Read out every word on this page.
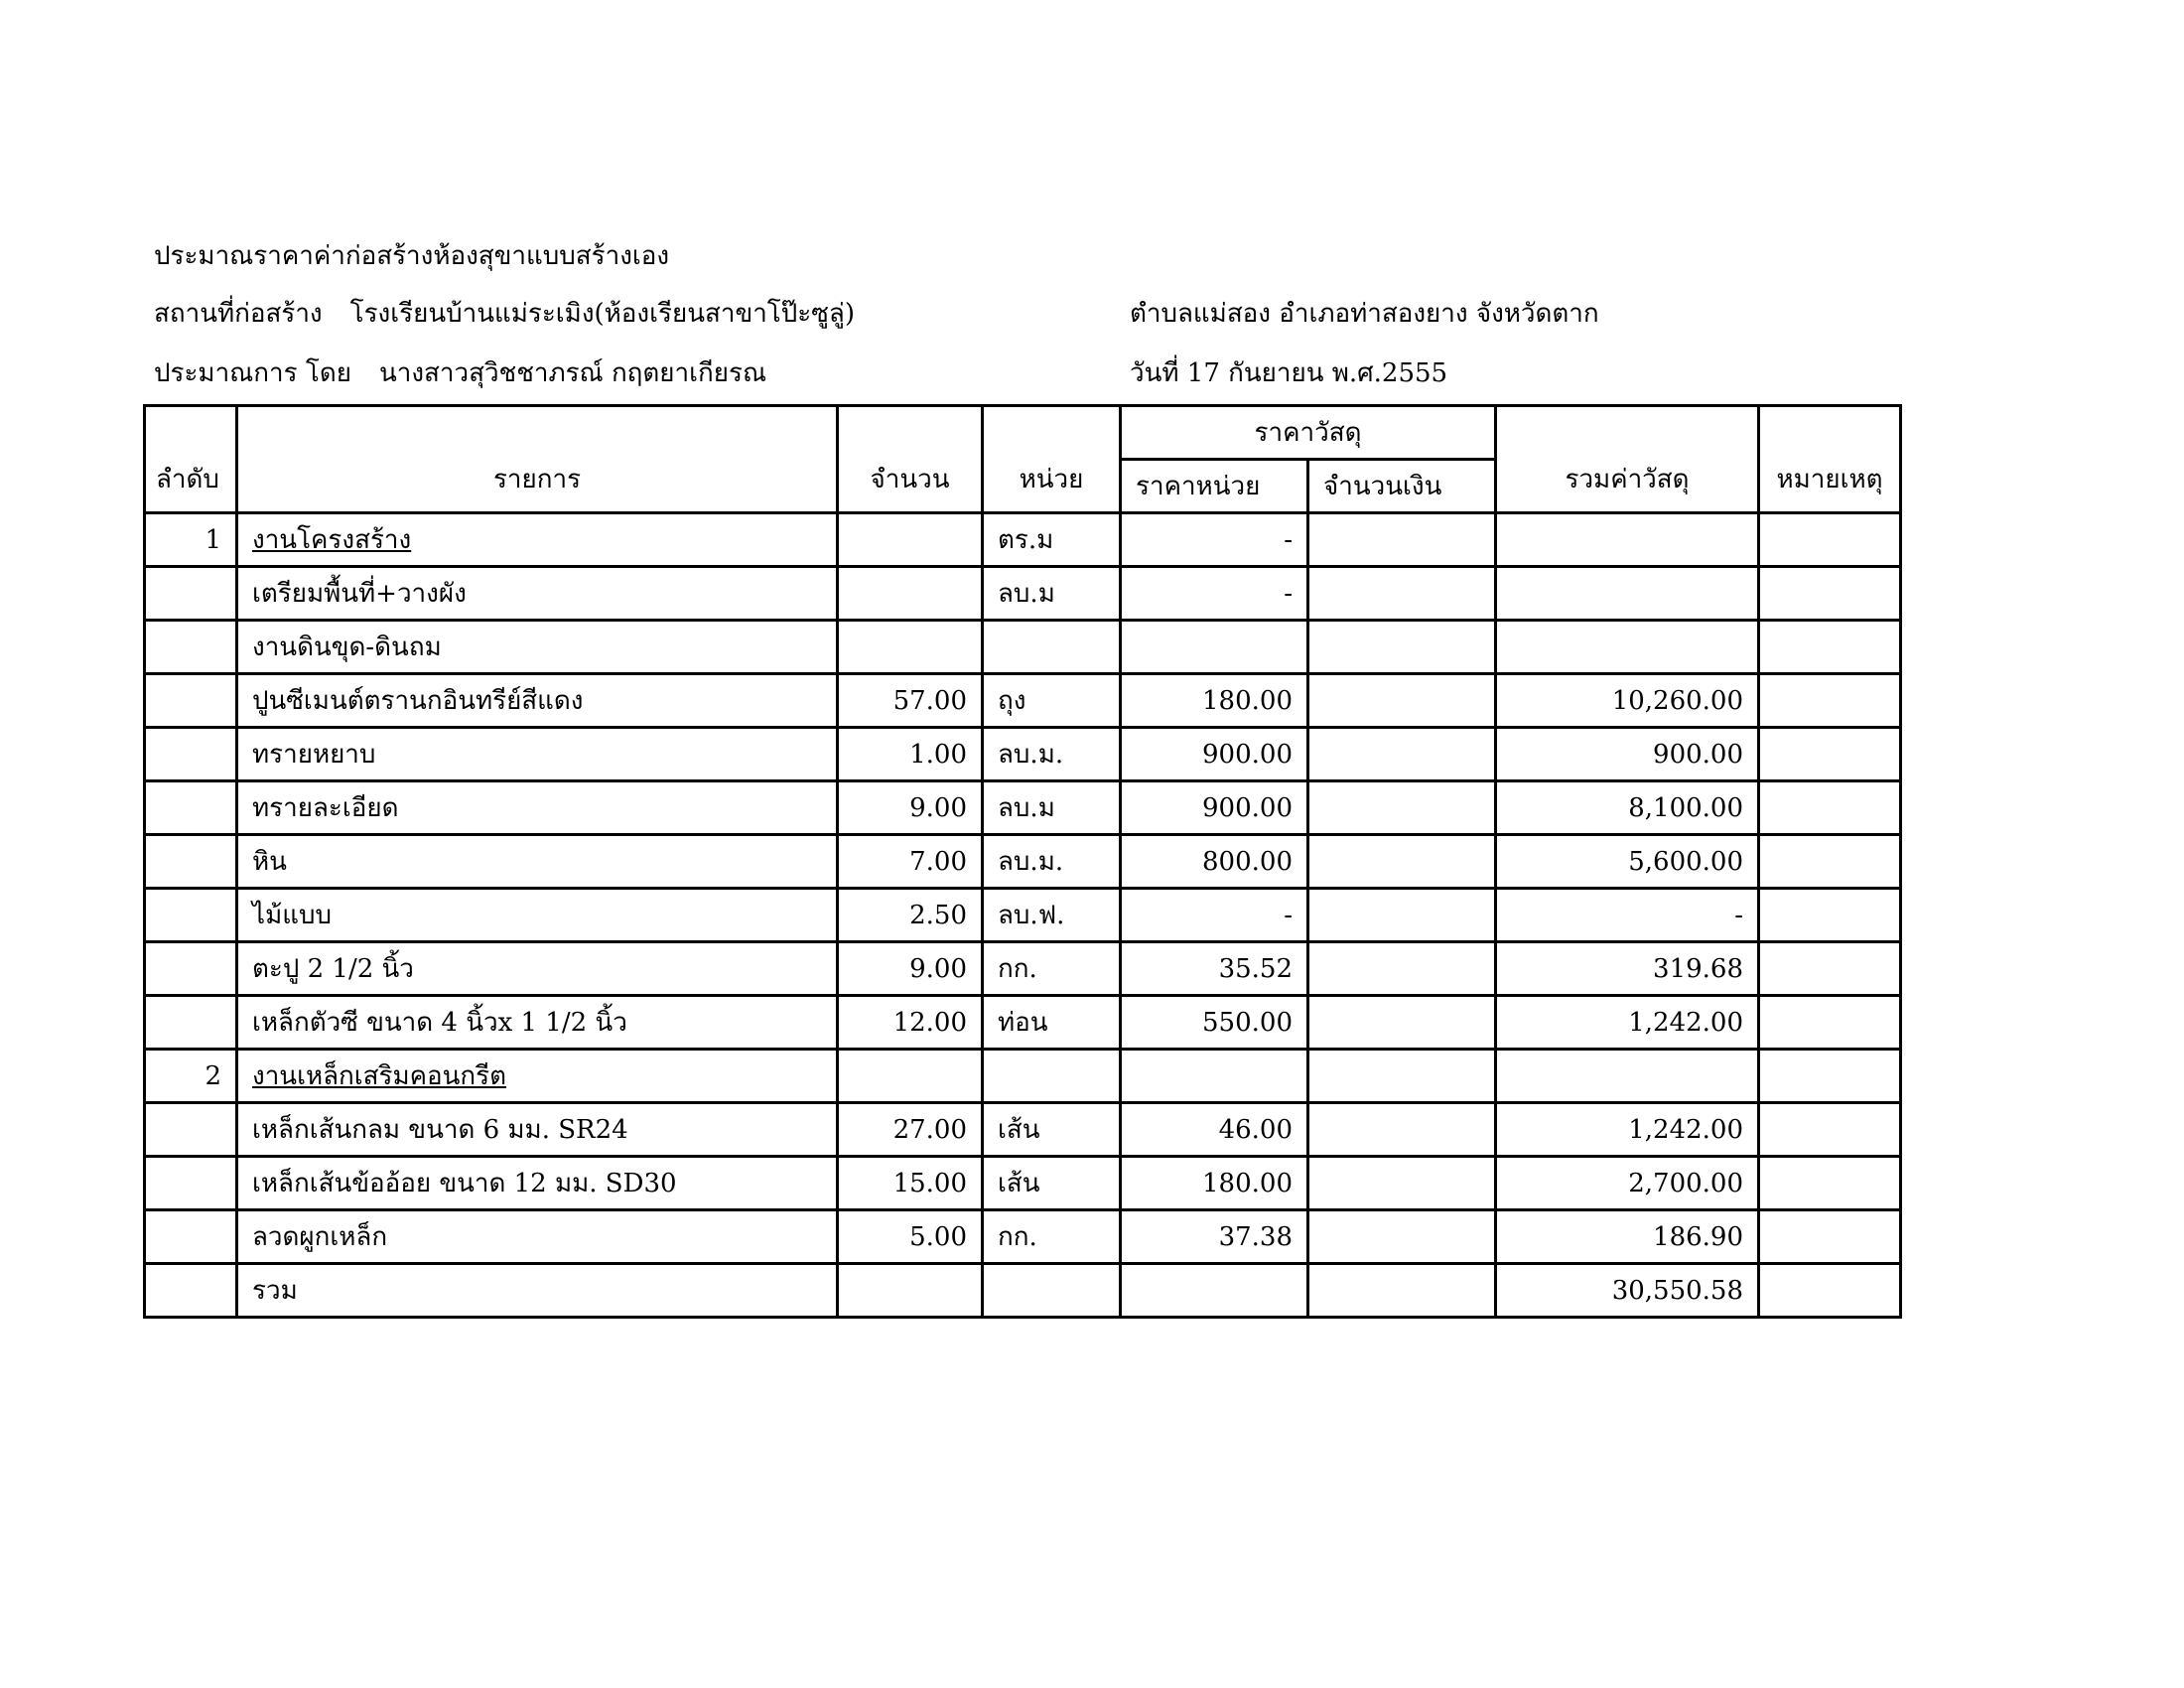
ประมาณราคาค่าก่อสร้างห้องสุขาแบบสร้างเอง
สถานที่ก่อสร้าง โรงเรียนบ้านแม่ระเมิง(ห้องเรียนสาขาโป๊ะซูลู่)	ตำบลแม่สอง อำเภอท่าสองยาง จังหวัดตาก
ประมาณการ โดย นางสาวสุวิชชาภรณ์ กฤตยาเกียรณ	วันที่ 17 กันยายน พ.ศ.2555
ลำดับ	รายการ	จำนวน	หน่วย	ราคาวัสดุ		รวมค่าวัสดุ	หมายเหตุ
				ราคาหน่วย	จำนวนเงิน		
1	งานโครงสร้าง		ตร.ม	-			
	เตรียมพื้นที่+วางผัง		ลบ.ม	-			
	งานดินขุด-ดินถม						
	ปูนซีเมนต์ตรานกอินทรีย์สีแดง	57.00	ถุง	180.00		10,260.00	
	ทรายหยาบ	1.00	ลบ.ม.	900.00		900.00	
	ทรายละเอียด	9.00	ลบ.ม	900.00		8,100.00	
	หิน	7.00	ลบ.ม.	800.00		5,600.00	
	ไม้แบบ	2.50	ลบ.ฟ.	-		-	
	ตะปู 2 1/2 นิ้ว	9.00	กก.	35.52		319.68	
	เหล็กตัวซี ขนาด 4 นิ้วx 1 1/2 นิ้ว	12.00	ท่อน	550.00		1,242.00	
2	งานเหล็กเสริมคอนกรีต						
	เหล็กเส้นกลม ขนาด 6 มม. SR24	27.00	เส้น	46.00		1,242.00	
	เหล็กเส้นข้ออ้อย ขนาด 12 มม. SD30	15.00	เส้น	180.00		2,700.00	
	ลวดผูกเหล็ก	5.00	กก.	37.38		186.90	
	รวม					30,550.58	
